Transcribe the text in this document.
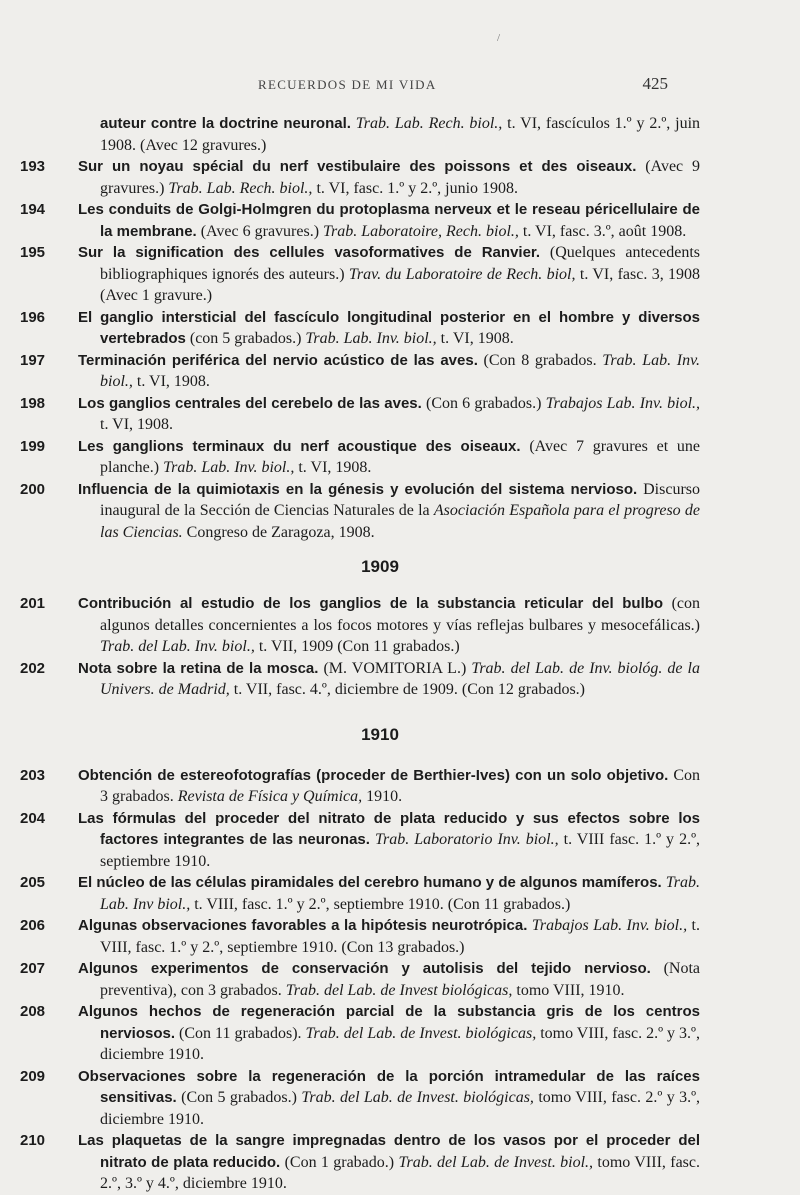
/
RECUERDOS DE MI VIDA	425
auteur contre la doctrine neuronal. Trab. Lab. Rech. biol., t. VI, fascículos 1.º y 2.º, juin 1908. (Avec 12 gravures.)
193	Sur un noyau spécial du nerf vestibulaire des poissons et des oiseaux. (Avec 9 gravures.) Trab. Lab. Rech. biol., t. VI, fasc. 1.º y 2.º, junio 1908.
194	Les conduits de Golgi-Holmgren du protoplasma nerveux et le reseau péricellulaire de la membrane. (Avec 6 gravures.) Trab. Laboratoire, Rech. biol., t. VI, fasc. 3.º, août 1908.
195	Sur la signification des cellules vasoformatives de Ranvier. (Quelques antecedents bibliographiques ignorés des auteurs.) Trav. du Laboratoire de Rech. biol, t. VI, fasc. 3, 1908 (Avec 1 gravure.)
196	El ganglio intersticial del fascículo longitudinal posterior en el hombre y diversos vertebrados (con 5 grabados.) Trab. Lab. Inv. biol., t. VI, 1908.
197	Terminación periférica del nervio acústico de las aves. (Con 8 grabados. Trab. Lab. Inv. biol., t. VI, 1908.
198	Los ganglios centrales del cerebelo de las aves. (Con 6 grabados.) Trabajos Lab. Inv. biol., t. VI, 1908.
199	Les ganglions terminaux du nerf acoustique des oiseaux. (Avec 7 gravures et une planche.) Trab. Lab. Inv. biol., t. VI, 1908.
200	Influencia de la quimiotaxis en la génesis y evolución del sistema nervioso. Discurso inaugural de la Sección de Ciencias Naturales de la Asociación Española para el progreso de las Ciencias. Congreso de Zaragoza, 1908.
1909
201	Contribución al estudio de los ganglios de la substancia reticular del bulbo (con algunos detalles concernientes a los focos motores y vías reflejas bulbares y mesocefálicas.) Trab. del Lab. Inv. biol., t. VII, 1909 (Con 11 grabados.)
202	Nota sobre la retina de la mosca. (M. VOMITORIA L.) Trab. del Lab. de Inv. biológ. de la Univers. de Madrid, t. VII, fasc. 4.º, diciembre de 1909. (Con 12 grabados.)
1910
203	Obtención de estereofotografías (proceder de Berthier-Ives) con un solo objetivo. Con 3 grabados. Revista de Física y Química, 1910.
204	Las fórmulas del proceder del nitrato de plata reducido y sus efectos sobre los factores integrantes de las neuronas. Trab. Laboratorio Inv. biol., t. VIII fasc. 1.º y 2.º, septiembre 1910.
205	El núcleo de las células piramidales del cerebro humano y de algunos mamíferos. Trab. Lab. Inv biol., t. VIII, fasc. 1.º y 2.º, septiembre 1910. (Con 11 grabados.)
206	Algunas observaciones favorables a la hipótesis neurotrópica. Trabajos Lab. Inv. biol., t. VIII, fasc. 1.º y 2.º, septiembre 1910. (Con 13 grabados.)
207	Algunos experimentos de conservación y autolisis del tejido nervioso. (Nota preventiva), con 3 grabados. Trab. del Lab. de Invest biológicas, tomo VIII, 1910.
208	Algunos hechos de regeneración parcial de la substancia gris de los centros nerviosos. (Con 11 grabados). Trab. del Lab. de Invest. biológicas, tomo VIII, fasc. 2.º y 3.º, diciembre 1910.
209	Observaciones sobre la regeneración de la porción intramedular de las raíces sensitivas. (Con 5 grabados.) Trab. del Lab. de Invest. biológicas, tomo VIII, fasc. 2.º y 3.º, diciembre 1910.
210	Las plaquetas de la sangre impregnadas dentro de los vasos por el proceder del nitrato de plata reducido. (Con 1 grabado.) Trab. del Lab. de Invest. biol., tomo VIII, fasc. 2.º, 3.º y 4.º, diciembre 1910.
